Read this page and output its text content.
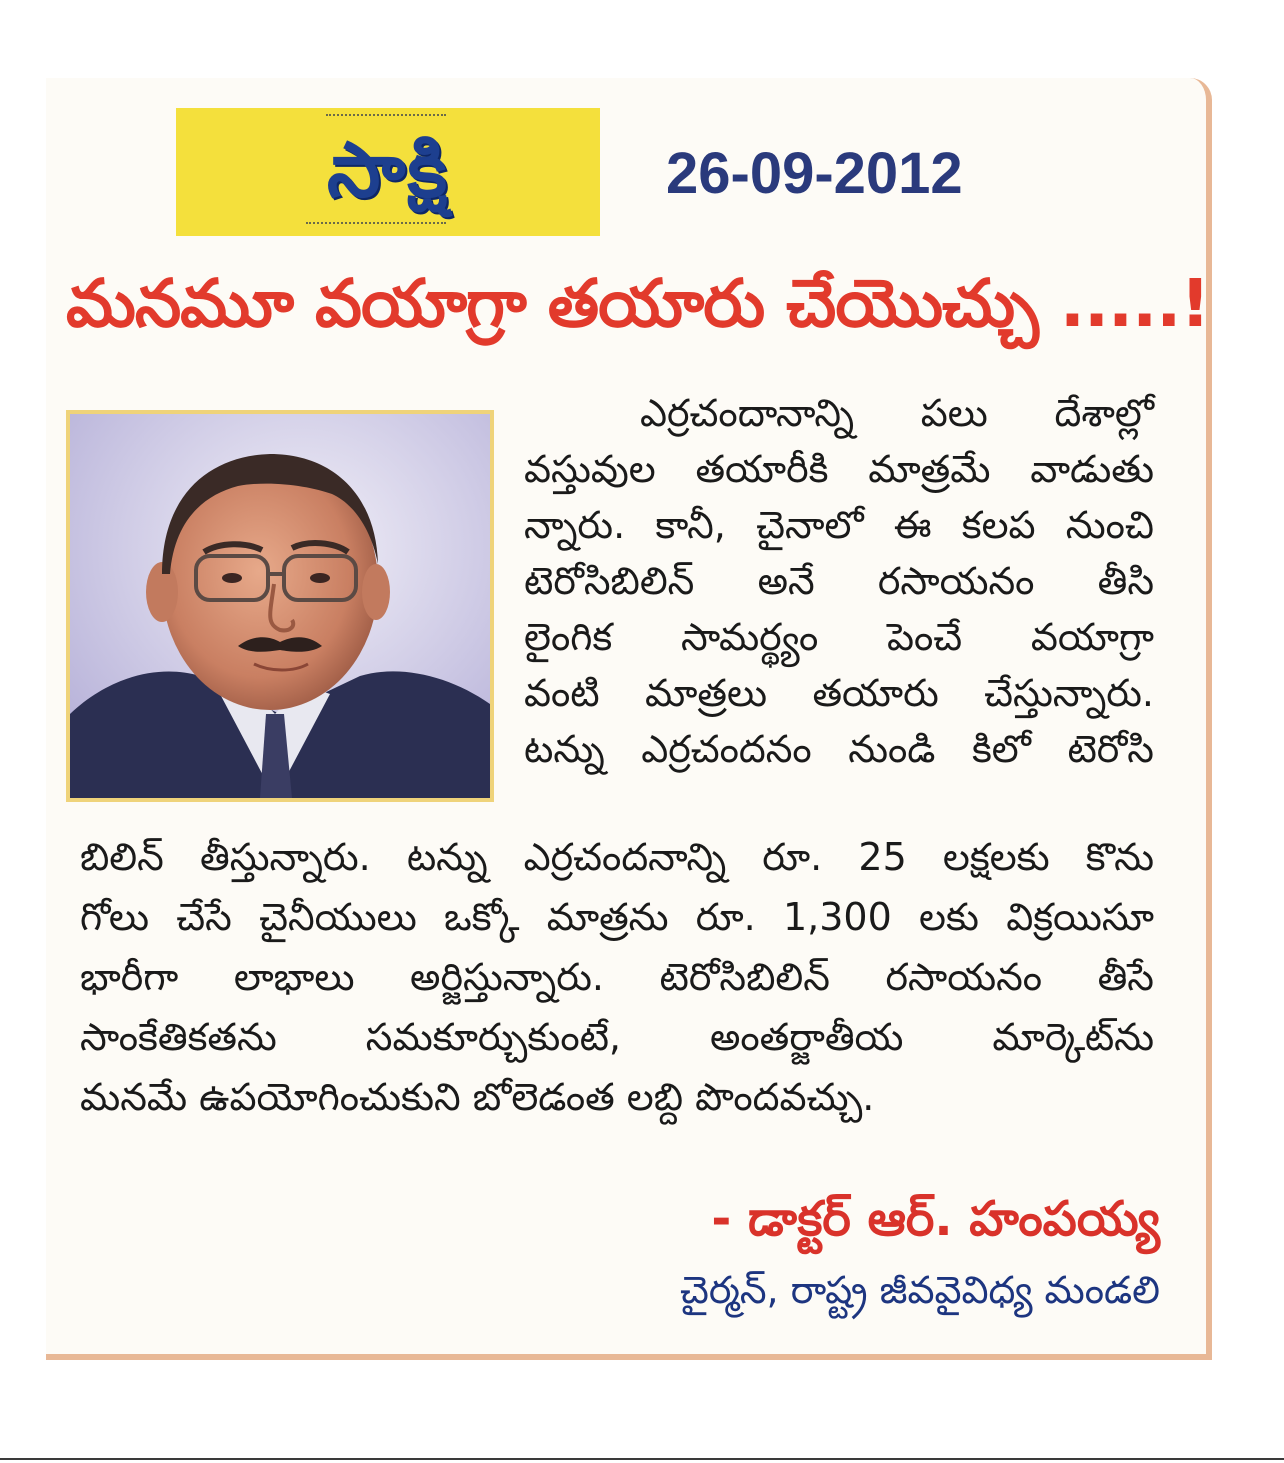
సాక్షి	26-09-2012
మనమూ వయాగ్రా తయారు చేయొచ్చు .....!
ఎర్రచందానాన్ని పలు దేశాల్లో
వస్తువుల తయారీకి మాత్రమే వాడుతు
న్నారు. కానీ, చైనాలో ఈ కలప నుంచి
టెరోసిబిలిన్ అనే రసాయనం తీసి
లైంగిక సామర్థ్యం పెంచే వయాగ్రా
వంటి మాత్రలు తయారు చేస్తున్నారు.
టన్ను ఎర్రచందనం నుండి కిలో టెరోసి
బిలిన్ తీస్తున్నారు. టన్ను ఎర్రచందనాన్ని రూ. 25 లక్షలకు కొను
గోలు చేసే చైనీయులు ఒక్కో మాత్రను రూ. 1,300 లకు విక్రయిసూ
భారీగా లాభాలు అర్జిస్తున్నారు. టెరోసిబిలిన్ రసాయనం తీసే
సాంకేతికతను సమకూర్చుకుంటే, అంతర్జాతీయ మార్కెట్‌ను
మనమే ఉపయోగించుకుని బోలెడంత లబ్ది పొందవచ్చు.
- డాక్టర్ ఆర్. హంపయ్య
చైర్మన్, రాష్ట్ర జీవవైవిధ్య మండలి
